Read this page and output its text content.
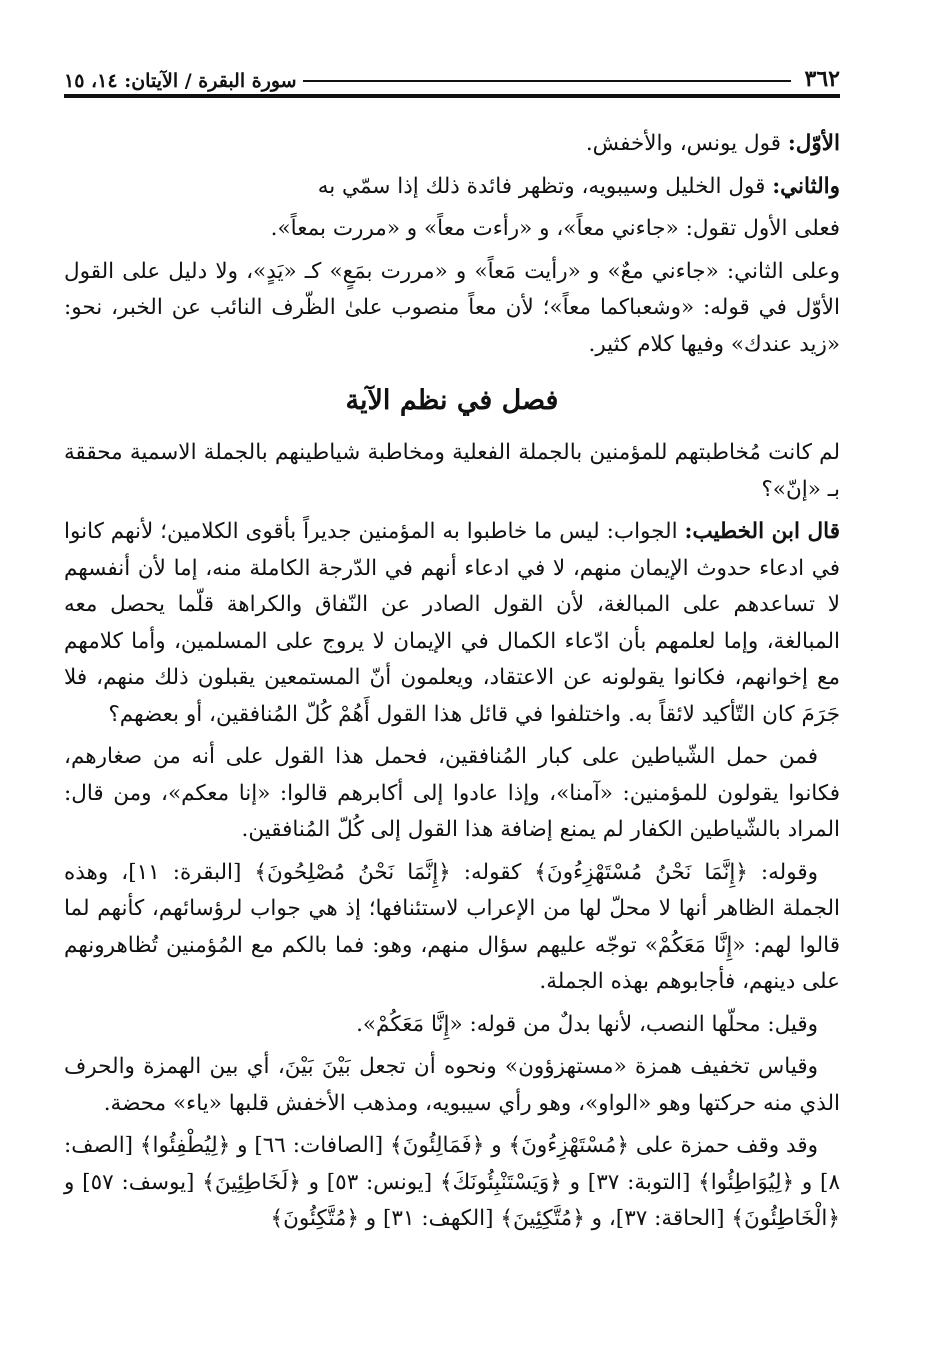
٣٦٢
سورة البقرة / الآيتان: ١٤، ١٥

الأوّل: قول يونس، والأخفش.

والثاني: قول الخليل وسيبويه، وتظهر فائدة ذلك إذا سمّي به

فعلى الأول تقول: «جاءني معاً»، و «رأءت معاً» و «مررت بمعاً».

وعلى الثاني: «جاءني معٌ» و «رأيت مَعاً» و «مررت بمَعٍ» كـ «يَدٍ»، ولا دليل على القول الأوّل في قوله: «وشعباكما معاً»؛ لأن معاً منصوب علىٰ الظّرف النائب عن الخبر، نحو: «زيد عندك» وفيها كلام كثير.

فصل في نظم الآية

لم كانت مُخاطبتهم للمؤمنين بالجملة الفعلية ومخاطبة شياطينهم بالجملة الاسمية محققة بـ «إنّ»؟

قال ابن الخطيب: الجواب: ليس ما خاطبوا به المؤمنين جديراً بأقوى الكلامين؛ لأنهم كانوا في ادعاء حدوث الإيمان منهم، لا في ادعاء أنهم في الدّرجة الكاملة منه، إما لأن أنفسهم لا تساعدهم على المبالغة، لأن القول الصادر عن النّفاق والكراهة قلّما يحصل معه المبالغة، وإما لعلمهم بأن ادّعاء الكمال في الإيمان لا يروج على المسلمين، وأما كلامهم مع إخوانهم، فكانوا يقولونه عن الاعتقاد، ويعلمون أنّ المستمعين يقبلون ذلك منهم، فلا جَرَمَ كان التّأكيد لائقاً به. واختلفوا في قائل هذا القول أَهُمْ كُلّ المُنافقين، أو بعضهم؟

فمن حمل الشّياطين على كبار المُنافقين، فحمل هذا القول على أنه من صغارهم، فكانوا يقولون للمؤمنين: «آمنا»، وإذا عادوا إلى أكابرهم قالوا: «إنا معكم»، ومن قال: المراد بالشّياطين الكفار لم يمنع إضافة هذا القول إلى كُلّ المُنافقين.

وقوله: ﴿إِنَّمَا نَحْنُ مُسْتَهْزِءُونَ﴾ كقوله: ﴿إِنَّمَا نَحْنُ مُصْلِحُونَ﴾ [البقرة: ١١]، وهذه الجملة الظاهر أنها لا محلّ لها من الإعراب لاستئنافها؛ إذ هي جواب لرؤسائهم، كأنهم لما قالوا لهم: «إِنَّا مَعَكُمْ» توجّه عليهم سؤال منهم، وهو: فما بالكم مع المُؤمنين تُظاهرونهم على دينهم، فأجابوهم بهذه الجملة.

وقيل: محلّها النصب، لأنها بدلٌ من قوله: «إِنَّا مَعَكُمْ».

وقياس تخفيف همزة «مستهزؤون» ونحوه أن تجعل بَيْنَ بَيْنَ، أي بين الهمزة والحرف الذي منه حركتها وهو «الواو»، وهو رأي سيبويه، ومذهب الأخفش قلبها «ياء» محضة.

وقد وقف حمزة على ﴿مُسْتَهْزِءُونَ﴾ و ﴿فَمَالِئُونَ﴾ [الصافات: ٦٦] و ﴿لِيُطْفِئُوا﴾ [الصف: ٨] و ﴿لِيُوَاطِئُوا﴾ [التوبة: ٣٧] و ﴿وَيَسْتَنْبِئُونَكَ﴾ [يونس: ٥٣] و ﴿لَخَاطِئِينَ﴾ [يوسف: ٥٧] و ﴿الْخَاطِئُونَ﴾ [الحاقة: ٣٧]، و ﴿مُتَّكِئِينَ﴾ [الكهف: ٣١] و ﴿مُتَّكِئُونَ﴾
